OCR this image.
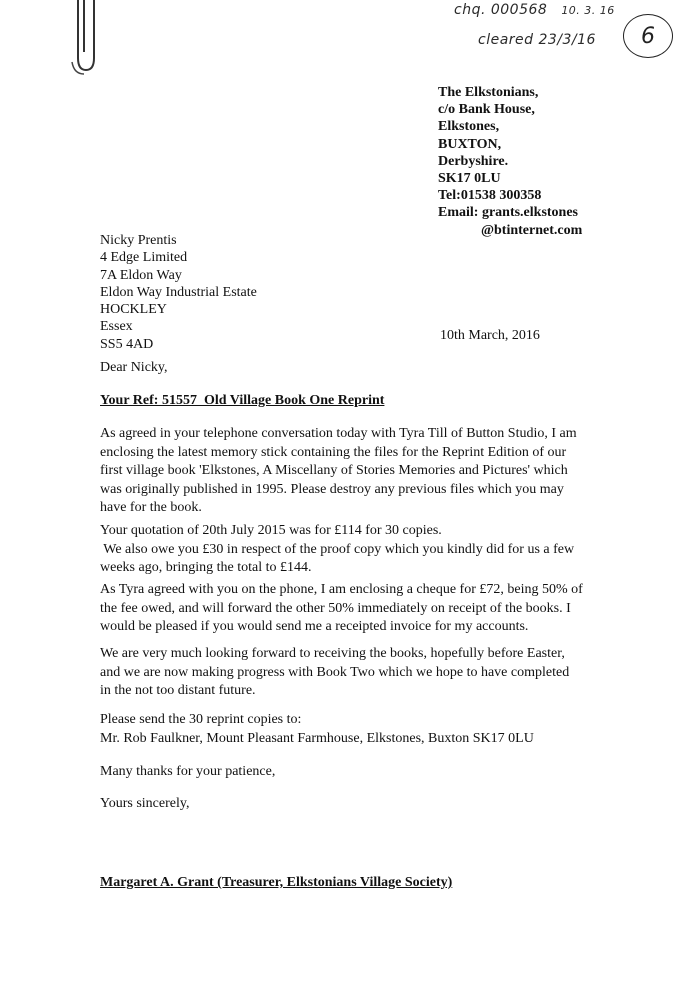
chq. 000568 10. 3. 16
cleared 23/3/16	6
The Elkstonians,
c/o Bank House,
Elkstones,
BUXTON,
Derbyshire.
SK17 0LU
Tel:01538 300358
Email: grants.elkstones
@btinternet.com
Nicky Prentis
4 Edge Limited
7A Eldon Way
Eldon Way Industrial Estate
HOCKLEY
Essex
SS5 4AD
10th March, 2016
Dear Nicky,
Your Ref: 51557  Old Village Book One Reprint
As agreed in your telephone conversation today with Tyra Till of Button Studio, I am
enclosing the latest memory stick containing the files for the Reprint Edition of our
first village book 'Elkstones, A Miscellany of Stories Memories and Pictures' which
was originally published in 1995. Please destroy any previous files which you may
have for the book.
Your quotation of 20th July 2015 was for £114 for 30 copies.
We also owe you £30 in respect of the proof copy which you kindly did for us a few
weeks ago, bringing the total to £144.
As Tyra agreed with you on the phone, I am enclosing a cheque for £72, being 50% of
the fee owed, and will forward the other 50% immediately on receipt of the books. I
would be pleased if you would send me a receipted invoice for my accounts.
We are very much looking forward to receiving the books, hopefully before Easter,
and we are now making progress with Book Two which we hope to have completed
in the not too distant future.
Please send the 30 reprint copies to:
Mr. Rob Faulkner, Mount Pleasant Farmhouse, Elkstones, Buxton SK17 0LU
Many thanks for your patience,
Yours sincerely,
Margaret A. Grant (Treasurer, Elkstonians Village Society)
